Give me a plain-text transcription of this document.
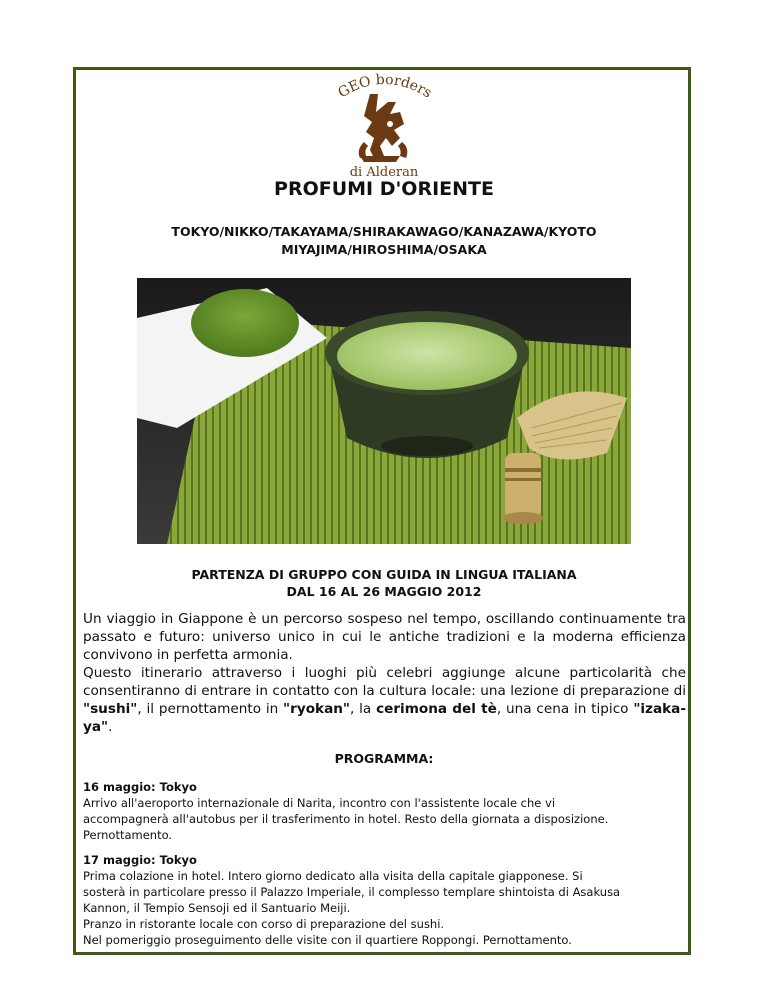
GEO borders
di Alderan
PROFUMI D'ORIENTE

TOKYO/NIKKO/TAKAYAMA/SHIRAKAWAGO/KANAZAWA/KYOTO

MIYAJIMA/HIROSHIMA/OSAKA

PARTENZA DI GRUPPO CON GUIDA IN LINGUA ITALIANA

DAL 16 AL 26 MAGGIO 2012

Un viaggio in Giappone è un percorso sospeso nel tempo, oscillando continuamente tra passato e futuro: universo unico in cui le antiche tradizioni e la moderna efficienza convivono in perfetta armonia.
Questo itinerario attraverso i luoghi più celebri aggiunge alcune particolarità che consentiranno di entrare in contatto con la cultura locale: una lezione di preparazione di "sushi", il pernottamento in "ryokan", la cerimona del tè, una cena in tipico "izaka-ya".

PROGRAMMA:

16 maggio: Tokyo
Arrivo all'aeroporto internazionale di Narita, incontro con l'assistente locale che vi
accompagnerà all'autobus per il trasferimento in hotel. Resto della giornata a disposizione.
Pernottamento.
17 maggio: Tokyo
Prima colazione in hotel. Intero giorno dedicato alla visita della capitale giapponese. Si
sosterà in particolare presso il Palazzo Imperiale, il complesso templare shintoista di Asakusa
Kannon, il Tempio Sensoji ed il Santuario Meiji.
Pranzo in ristorante locale con corso di preparazione del sushi.
Nel pomeriggio proseguimento delle visite con il quartiere Roppongi. Pernottamento.
